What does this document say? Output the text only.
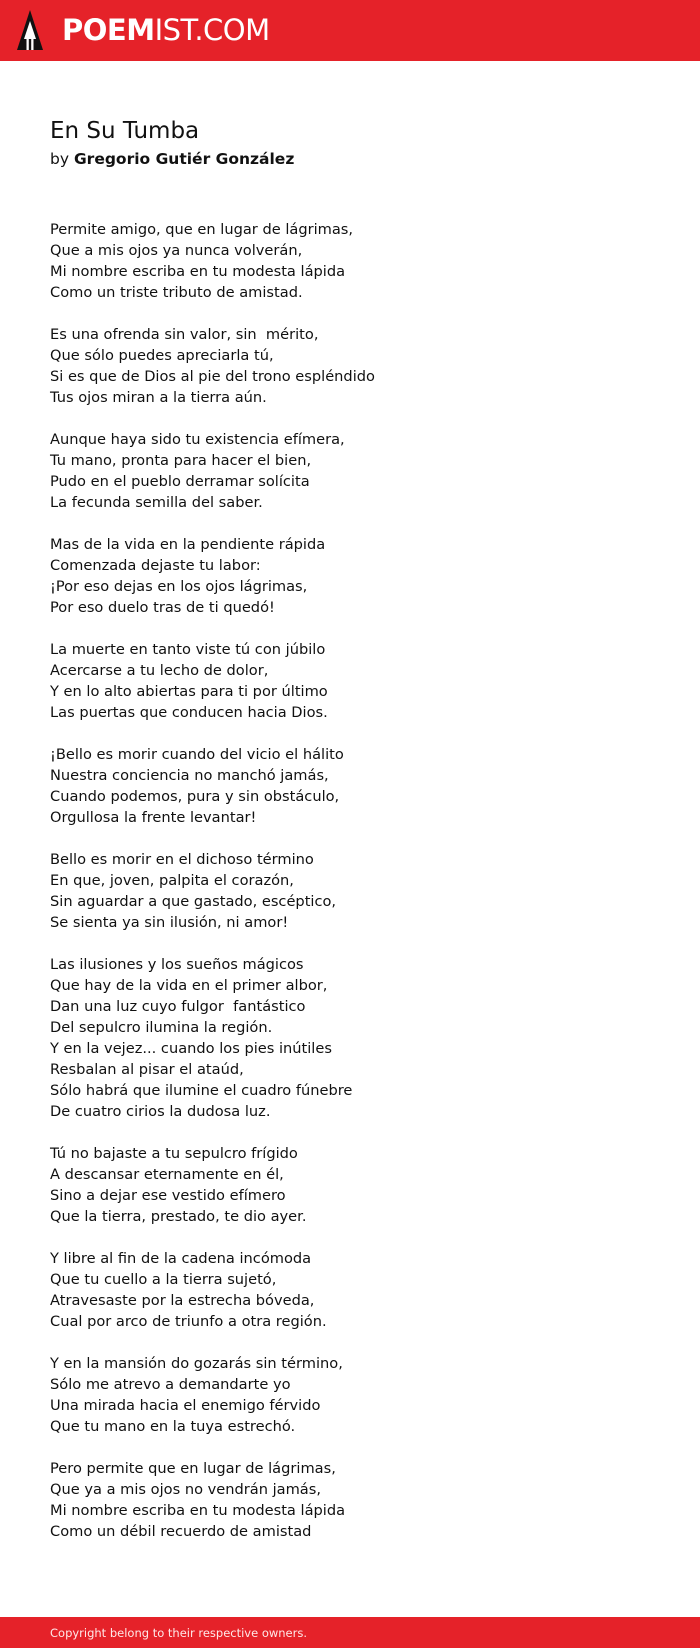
POEMIST.COM
En Su Tumba
by Gregorio Gutiér González
Permite amigo, que en lugar de lágrimas,
Que a mis ojos ya nunca volverán,
Mi nombre escriba en tu modesta lápida
Como un triste tributo de amistad.
Es una ofrenda sin valor, sin  mérito,
Que sólo puedes apreciarla tú,
Si es que de Dios al pie del trono espléndido
Tus ojos miran a la tierra aún.
Aunque haya sido tu existencia efímera,
Tu mano, pronta para hacer el bien,
Pudo en el pueblo derramar solícita
La fecunda semilla del saber.
Mas de la vida en la pendiente rápida
Comenzada dejaste tu labor:
¡Por eso dejas en los ojos lágrimas,
Por eso duelo tras de ti quedó!
La muerte en tanto viste tú con júbilo
Acercarse a tu lecho de dolor,
Y en lo alto abiertas para ti por último
Las puertas que conducen hacia Dios.
¡Bello es morir cuando del vicio el hálito
Nuestra conciencia no manchó jamás,
Cuando podemos, pura y sin obstáculo,
Orgullosa la frente levantar!
Bello es morir en el dichoso término
En que, joven, palpita el corazón,
Sin aguardar a que gastado, escéptico,
Se sienta ya sin ilusión, ni amor!
Las ilusiones y los sueños mágicos
Que hay de la vida en el primer albor,
Dan una luz cuyo fulgor  fantástico
Del sepulcro ilumina la región.
Y en la vejez... cuando los pies inútiles
Resbalan al pisar el ataúd,
Sólo habrá que ilumine el cuadro fúnebre
De cuatro cirios la dudosa luz.
Tú no bajaste a tu sepulcro frígido
A descansar eternamente en él,
Sino a dejar ese vestido efímero
Que la tierra, prestado, te dio ayer.
Y libre al fin de la cadena incómoda
Que tu cuello a la tierra sujetó,
Atravesaste por la estrecha bóveda,
Cual por arco de triunfo a otra región.
Y en la mansión do gozarás sin término,
Sólo me atrevo a demandarte yo
Una mirada hacia el enemigo férvido
Que tu mano en la tuya estrechó.
Pero permite que en lugar de lágrimas,
Que ya a mis ojos no vendrán jamás,
Mi nombre escriba en tu modesta lápida
Como un débil recuerdo de amistad
Copyright belong to their respective owners.
